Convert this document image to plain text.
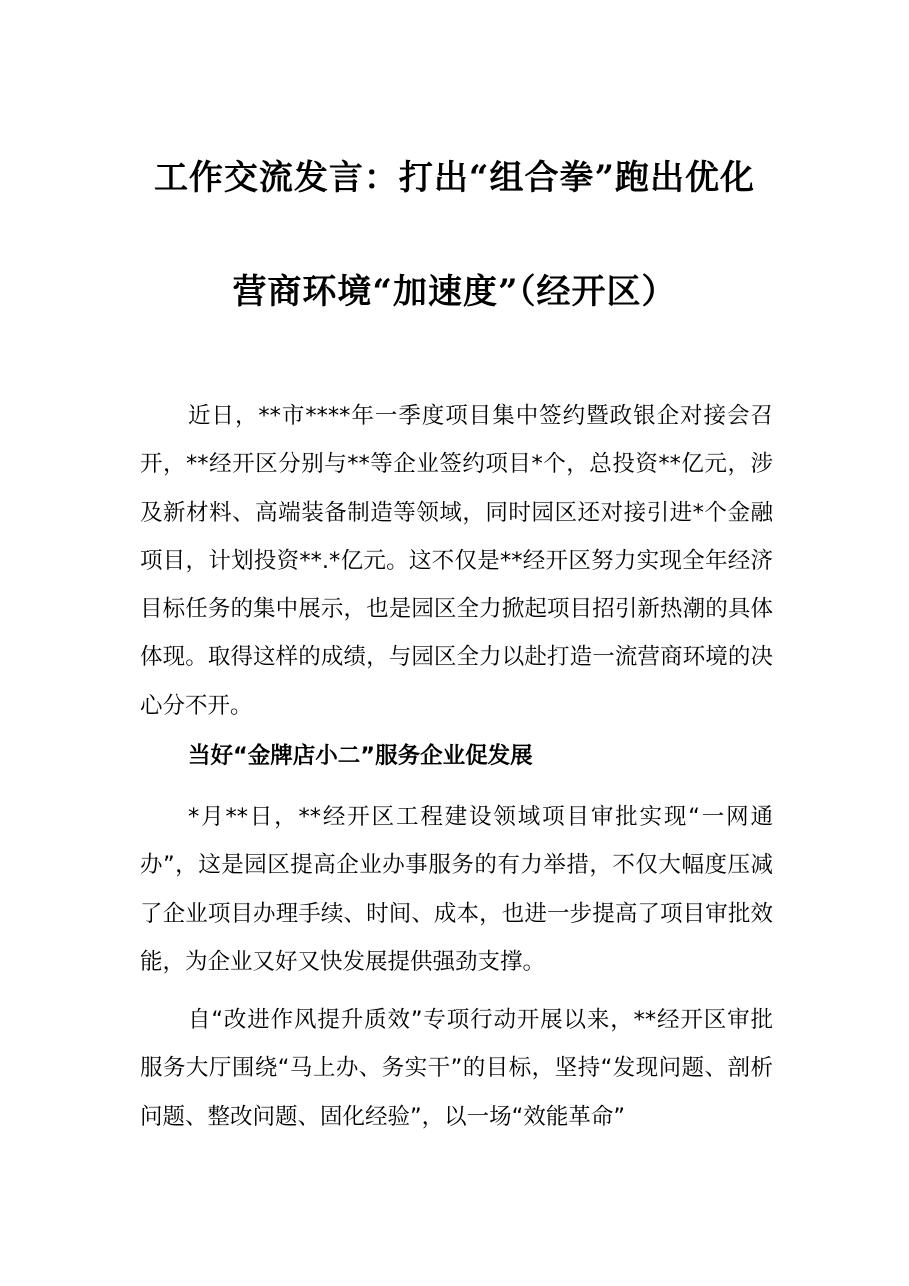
工作交流发言：打出“组合拳”跑出优化
营商环境“加速度”（经开区）

近日，**市****年一季度项目集中签约暨政银企对接会召开，**经开区分别与**等企业签约项目*个，总投资**亿元，涉及新材料、高端装备制造等领域，同时园区还对接引进*个金融项目，计划投资**.*亿元。这不仅是**经开区努力实现全年经济目标任务的集中展示，也是园区全力掀起项目招引新热潮的具体体现。取得这样的成绩，与园区全力以赴打造一流营商环境的决心分不开。

当好“金牌店小二”服务企业促发展

*月**日，**经开区工程建设领域项目审批实现“一网通办”，这是园区提高企业办事服务的有力举措，不仅大幅度压减了企业项目办理手续、时间、成本，也进一步提高了项目审批效能，为企业又好又快发展提供强劲支撑。

自“改进作风提升质效”专项行动开展以来，**经开区审批服务大厅围绕“马上办、务实干”的目标，坚持“发现问题、剖析问题、整改问题、固化经验”，以一场“效能革命”
